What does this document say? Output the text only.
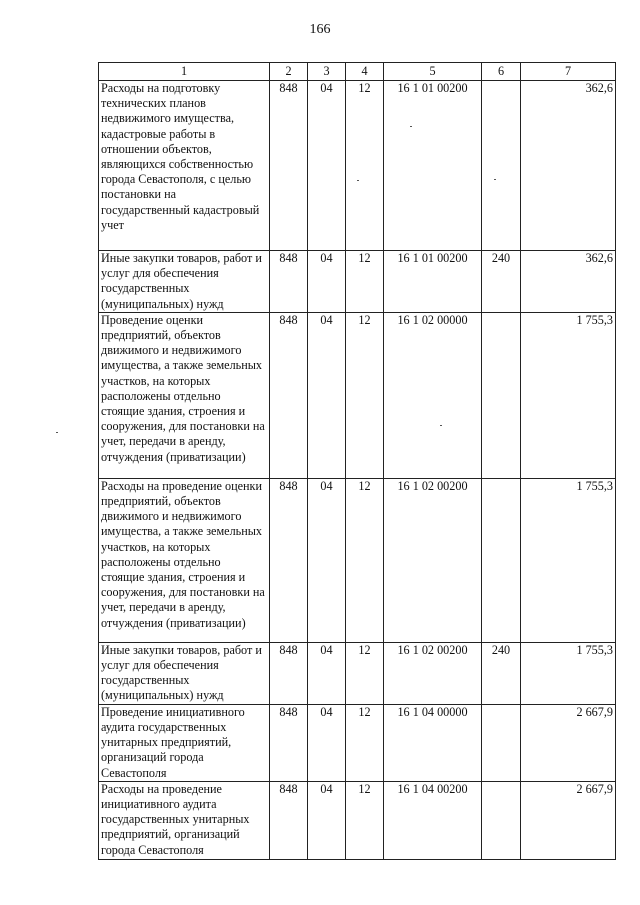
166
1	2	3	4	5	6	7
Расходы на подготовку технических планов недвижимого имущества, кадастровые работы в отношении объектов, являющихся собственностью города Севастополя, с целью постановки на государственный кадастровый учет	848	04	12	16 1 01 00200		362,6
Иные закупки товаров, работ и услуг для обеспечения государственных (муниципальных) нужд	848	04	12	16 1 01 00200	240	362,6
Проведение оценки предприятий, объектов движимого и недвижимого имущества, а также земельных участков, на которых расположены отдельно стоящие здания, строения и сооружения, для постановки на учет, передачи в аренду, отчуждения (приватизации)	848	04	12	16 1 02 00000		1 755,3
Расходы на проведение оценки предприятий, объектов движимого и недвижимого имущества, а также земельных участков, на которых расположены отдельно стоящие здания, строения и сооружения, для постановки на учет, передачи в аренду, отчуждения (приватизации)	848	04	12	16 1 02 00200		1 755,3
Иные закупки товаров, работ и услуг для обеспечения государственных (муниципальных) нужд	848	04	12	16 1 02 00200	240	1 755,3
Проведение инициативного аудита государственных унитарных предприятий, организаций города Севастополя	848	04	12	16 1 04 00000		2 667,9
Расходы на проведение инициативного аудита государственных унитарных предприятий, организаций города Севастополя	848	04	12	16 1 04 00200		2 667,9
